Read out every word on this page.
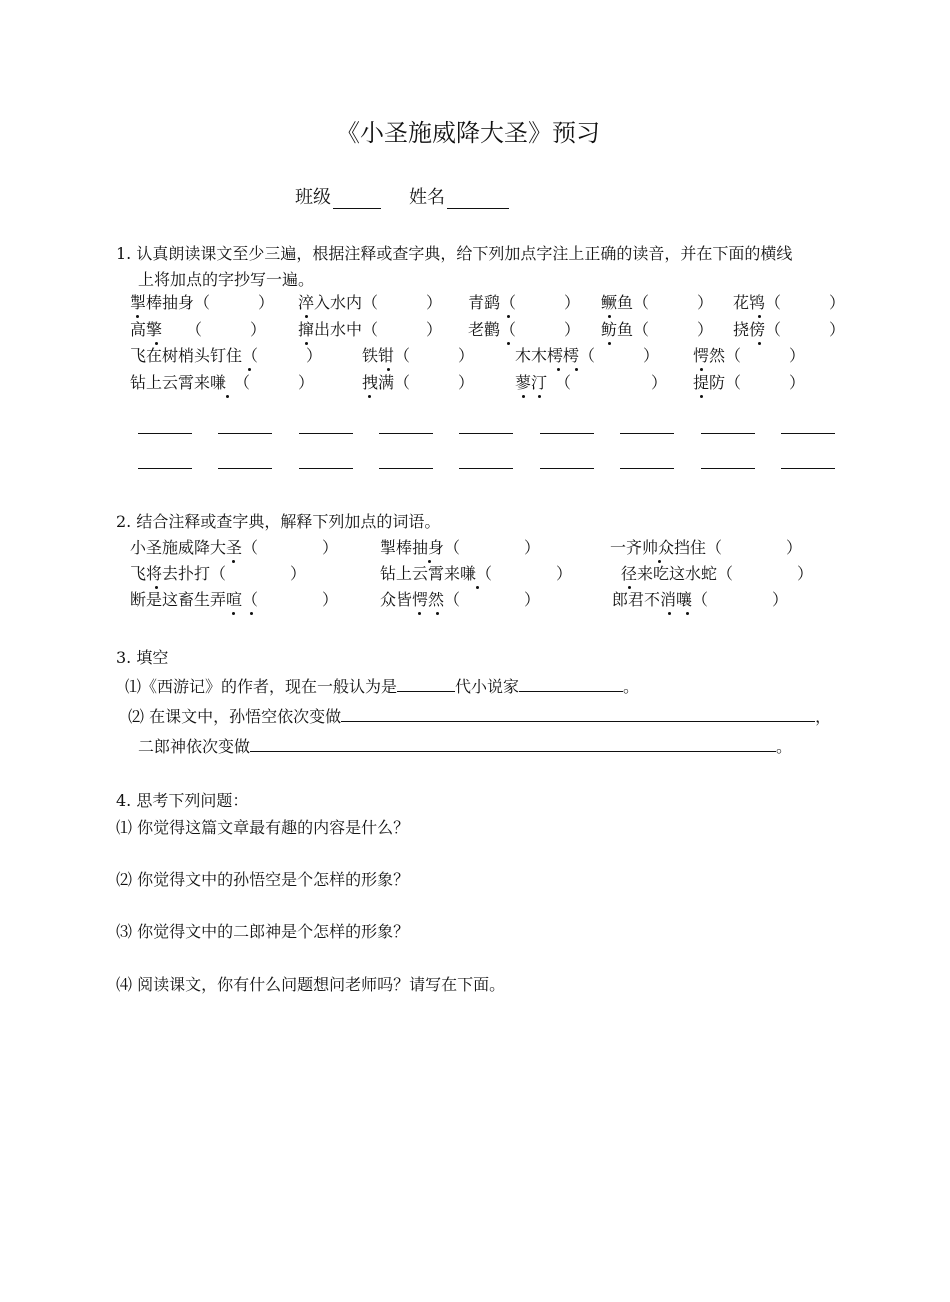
《小圣施威降大圣》预习
班级	姓名
1. 认真朗读课文至少三遍，根据注释或查字典，给下列加点字注上正确的读音，并在下面的横线
上将加点的字抄写一遍。
掣棒抽身（　　　） 淬入水内（　　　） 青鹞（　　　） 鳜鱼（　　　） 花鸨（　　　）
高擎　　（　　　） 撺出水中（　　　） 老鹳（　　　） 鲂鱼（　　　） 挠傍（　　　）
飞在树梢头钉住（　　　） 铁钳（　　　）	木木樗樗（　　　） 愕然（　　　）
钻上云霄来嗛　（　　　）	拽满（　　　）	蓼汀　（　　　　　） 提防（　　　）
2. 结合注释或查字典，解释下列加点的词语。
小圣施威降大圣（　　　　）	掣棒抽身（　　　　）	一齐帅众挡住（　　　　）
飞将去扑打（　　　　）	钻上云霄来嗛（　　　　）	径来吃这水蛇（　　　　）
断是这畜生弄喧（　　　　）	众皆愕然（　　　　）	郎君不消嚷（　　　　）
3. 填空
⑴《西游记》的作者，现在一般认为是	代小说家	。
⑵ 在课文中，孙悟空依次变做	，
二郎神依次变做	。
4. 思考下列问题：
⑴ 你觉得这篇文章最有趣的内容是什么？
⑵ 你觉得文中的孙悟空是个怎样的形象？
⑶ 你觉得文中的二郎神是个怎样的形象？
⑷ 阅读课文，你有什么问题想问老师吗？请写在下面。
